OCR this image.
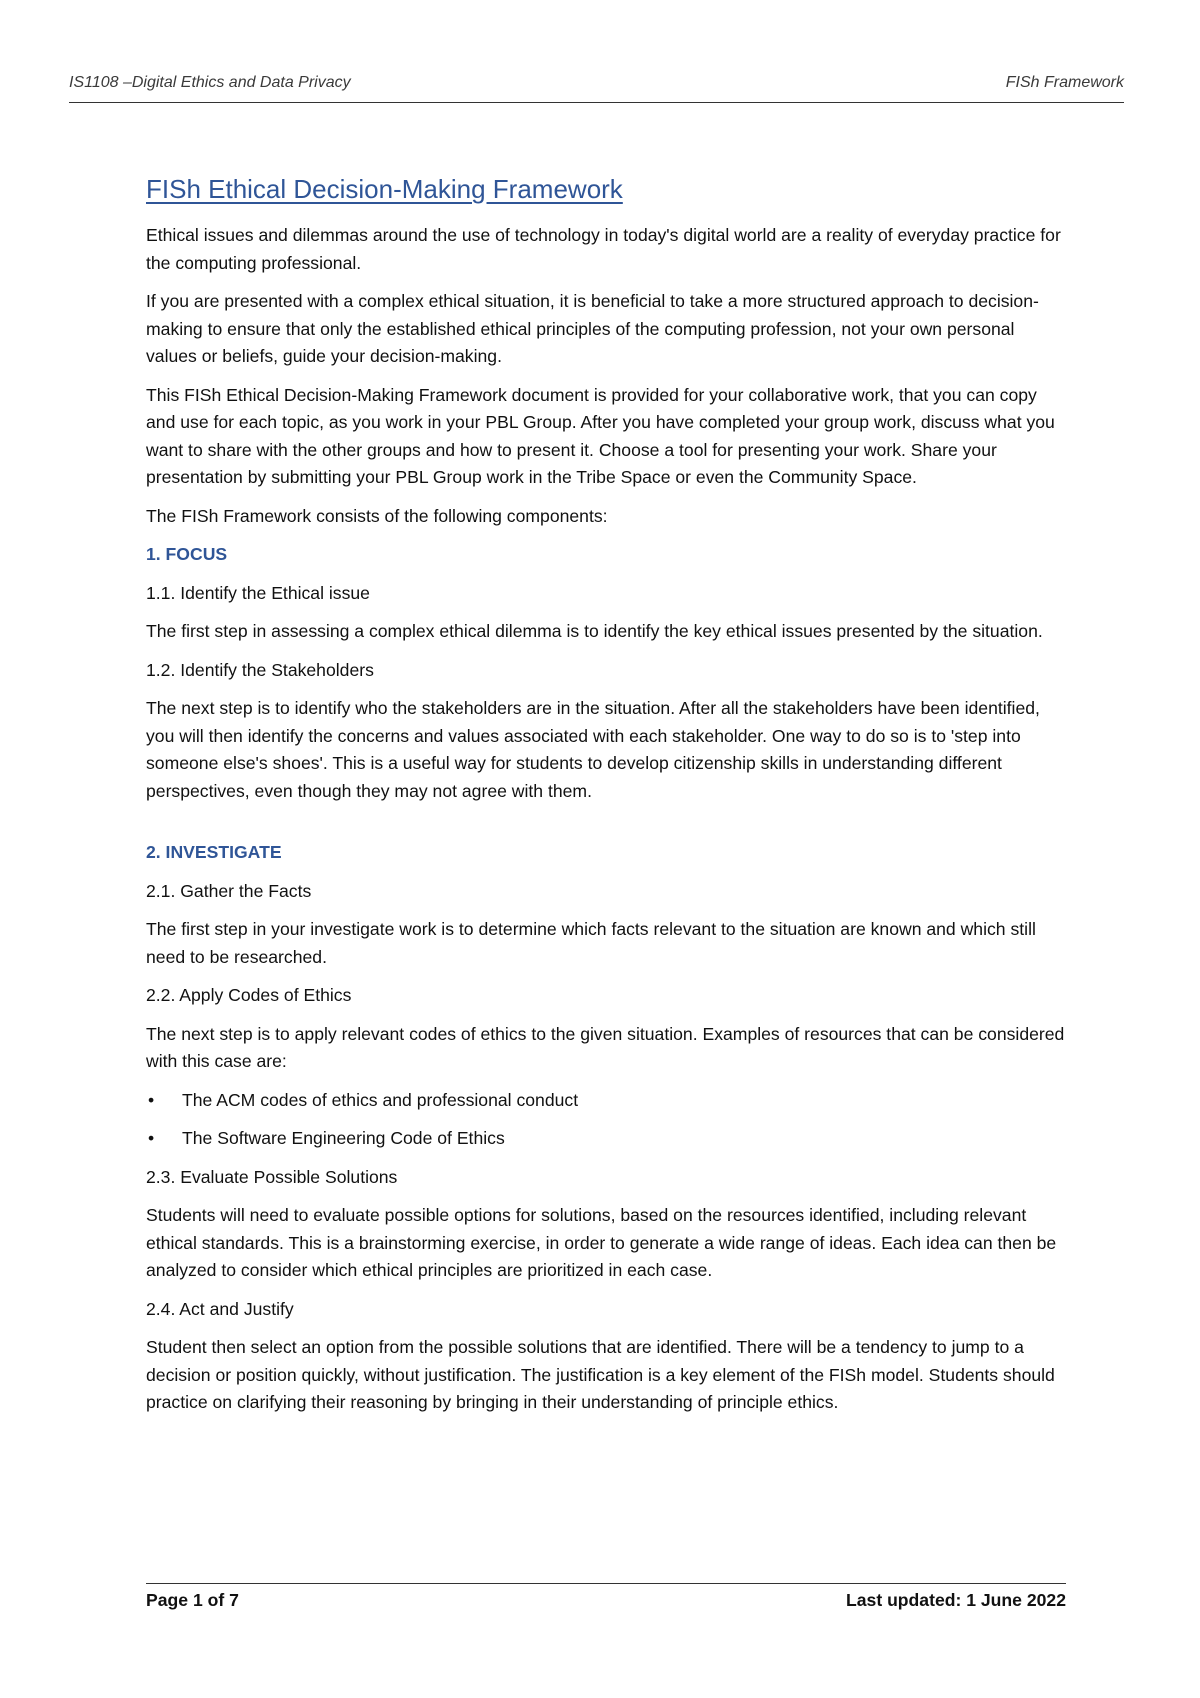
IS1108 –Digital Ethics and Data Privacy	FISh Framework
FISh Ethical Decision-Making Framework

Ethical issues and dilemmas around the use of technology in today's digital world are a reality of everyday practice for the computing professional.

If you are presented with a complex ethical situation, it is beneficial to take a more structured approach to decision-making to ensure that only the established ethical principles of the computing profession, not your own personal values or beliefs, guide your decision-making.

This FISh Ethical Decision-Making Framework document is provided for your collaborative work, that you can copy and use for each topic, as you work in your PBL Group. After you have completed your group work, discuss what you want to share with the other groups and how to present it. Choose a tool for presenting your work. Share your presentation by submitting your PBL Group work in the Tribe Space or even the Community Space.

The FISh Framework consists of the following components:

1. FOCUS
1.1. Identify the Ethical issue

The first step in assessing a complex ethical dilemma is to identify the key ethical issues presented by the situation.

1.2. Identify the Stakeholders

The next step is to identify who the stakeholders are in the situation. After all the stakeholders have been identified, you will then identify the concerns and values associated with each stakeholder. One way to do so is to 'step into someone else's shoes'. This is a useful way for students to develop citizenship skills in understanding different perspectives, even though they may not agree with them.

2. INVESTIGATE
2.1. Gather the Facts

The first step in your investigate work is to determine which facts relevant to the situation are known and which still need to be researched.

2.2. Apply Codes of Ethics

The next step is to apply relevant codes of ethics to the given situation. Examples of resources that can be considered with this case are:

• The ACM codes of ethics and professional conduct
• The Software Engineering Code of Ethics
2.3. Evaluate Possible Solutions

Students will need to evaluate possible options for solutions, based on the resources identified, including relevant ethical standards. This is a brainstorming exercise, in order to generate a wide range of ideas. Each idea can then be analyzed to consider which ethical principles are prioritized in each case.

2.4. Act and Justify

Student then select an option from the possible solutions that are identified. There will be a tendency to jump to a decision or position quickly, without justification. The justification is a key element of the FISh model. Students should practice on clarifying their reasoning by bringing in their understanding of principle ethics.

Page 1 of 7	Last updated: 1 June 2022
